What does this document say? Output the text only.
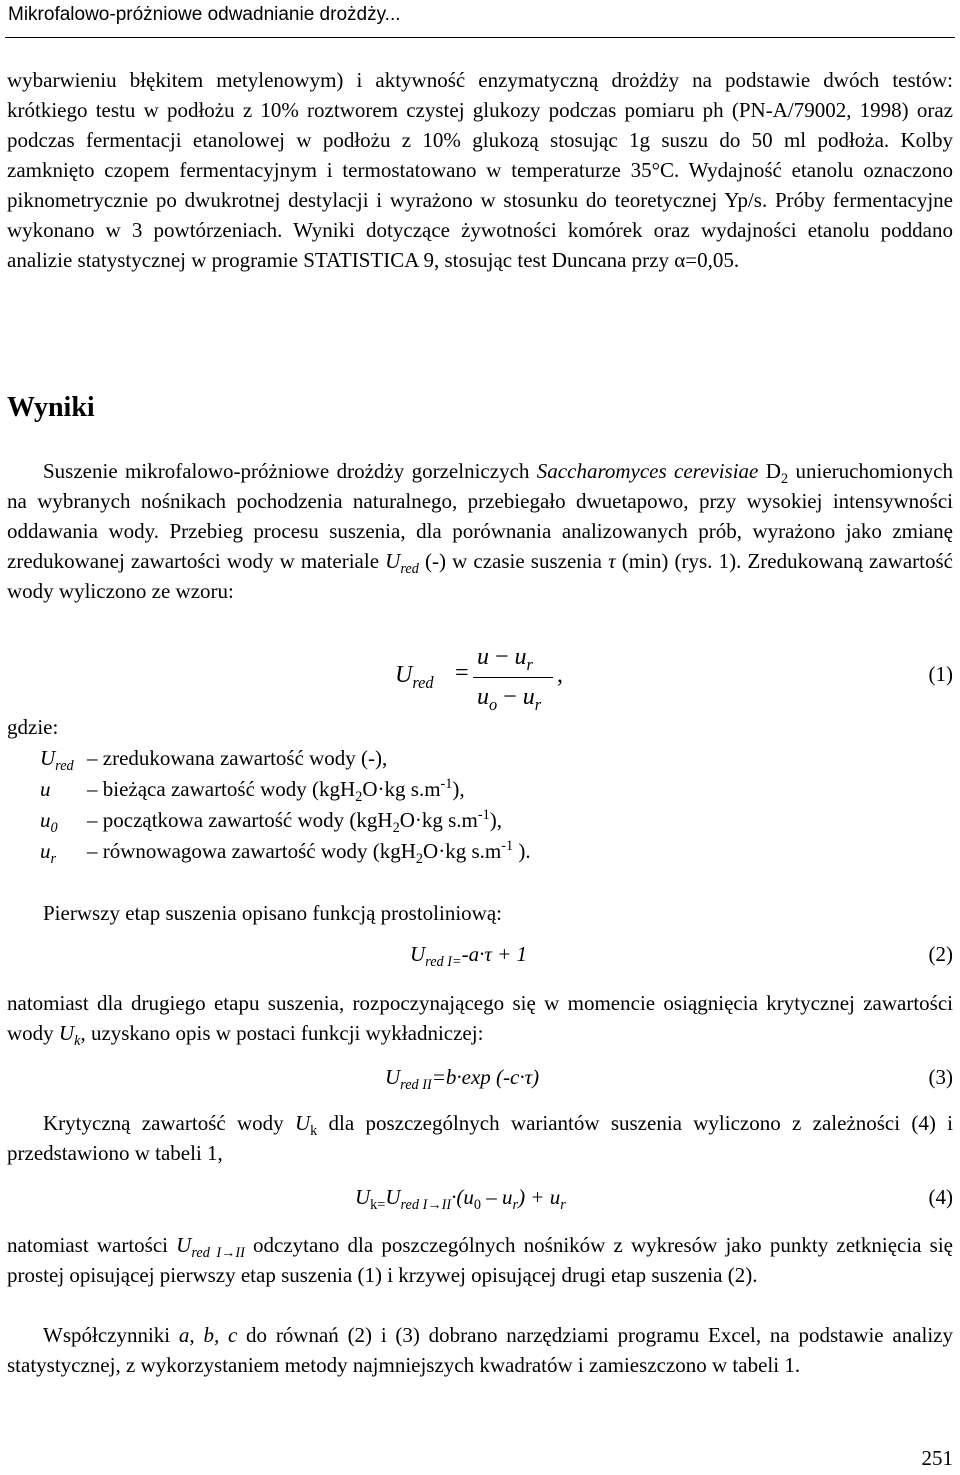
Mikrofalowo-próżniowe odwadnianie drożdży...

wybarwieniu błękitem metylenowym) i aktywność enzymatyczną drożdży na podstawie dwóch testów: krótkiego testu w podłożu z 10% roztworem czystej glukozy podczas pomiaru ph (PN-A/79002, 1998) oraz podczas fermentacji etanolowej w podłożu z 10% glukozą stosując 1g suszu do 50 ml podłoża. Kolby zamknięto czopem fermentacyjnym i termostatowano w temperaturze 35°C. Wydajność etanolu oznaczono piknometrycznie po dwukrotnej destylacji i wyrażono w stosunku do teoretycznej Yp/s. Próby fermentacyjne wykonano w 3 powtórzeniach. Wyniki dotyczące żywotności komórek oraz wydajności etanolu poddano analizie statystycznej w programie STATISTICA 9, stosując test Duncana przy α=0,05.

Wyniki

Suszenie mikrofalowo-próżniowe drożdży gorzelniczych Saccharomyces cerevisiae $D_2$ unieruchomionych na wybranych nośnikach pochodzenia naturalnego, przebiegało dwuetapowo, przy wysokiej intensywności oddawania wody. Przebieg procesu suszenia, dla porównania analizowanych prób, wyrażono jako zmianę zredukowanej zawartości wody w materiale $U_{red}$ (-) w czasie suszenia τ (min) (rys. 1). Zredukowaną zawartość wody wyliczono ze wzoru:

$U_{red}$ =
$u - u_r$
$u_o - u_r$
,	(1)
gdzie:
$U_{red}$ – zredukowana zawartość wody (-),
u – bieżąca zawartość wody (kgH$_2$O·kg $s.m^{-1}$),
$u_0$ – początkowa zawartość wody (kgH$_2$O·kg $s.m^{-1}$),
$u_r$ – równowagowa zawartość wody (kgH$_2$O·kg $s.m^{-1}$ ).

Pierwszy etap suszenia opisano funkcją prostoliniową:

$U_{red I=}-a\cdot\tau + 1$	(2)

natomiast dla drugiego etapu suszenia, rozpoczynającego się w momencie osiągnięcia krytycznej zawartości wody $U_k$, uzyskano opis w postaci funkcji wykładniczej:

$U_{red II}=b\cdot\exp$ (-c·τ)	(3)

Krytyczną zawartość wody $U_k$ dla poszczególnych wariantów suszenia wyliczono z zależności (4) i przedstawiono w tabeli 1,

$U_{k=}U_{red I\to II}\cdot(u_0 - u_r) + u_r$	(4)

natomiast wartości $U_{red I\to II}$ odczytano dla poszczególnych nośników z wykresów jako punkty zetknięcia się prostej opisującej pierwszy etap suszenia (1) i krzywej opisującej drugi etap suszenia (2).

Współczynniki a, b, c do równań (2) i (3) dobrano narzędziami programu Excel, na podstawie analizy statystycznej, z wykorzystaniem metody najmniejszych kwadratów i zamieszczono w tabeli 1.

251
